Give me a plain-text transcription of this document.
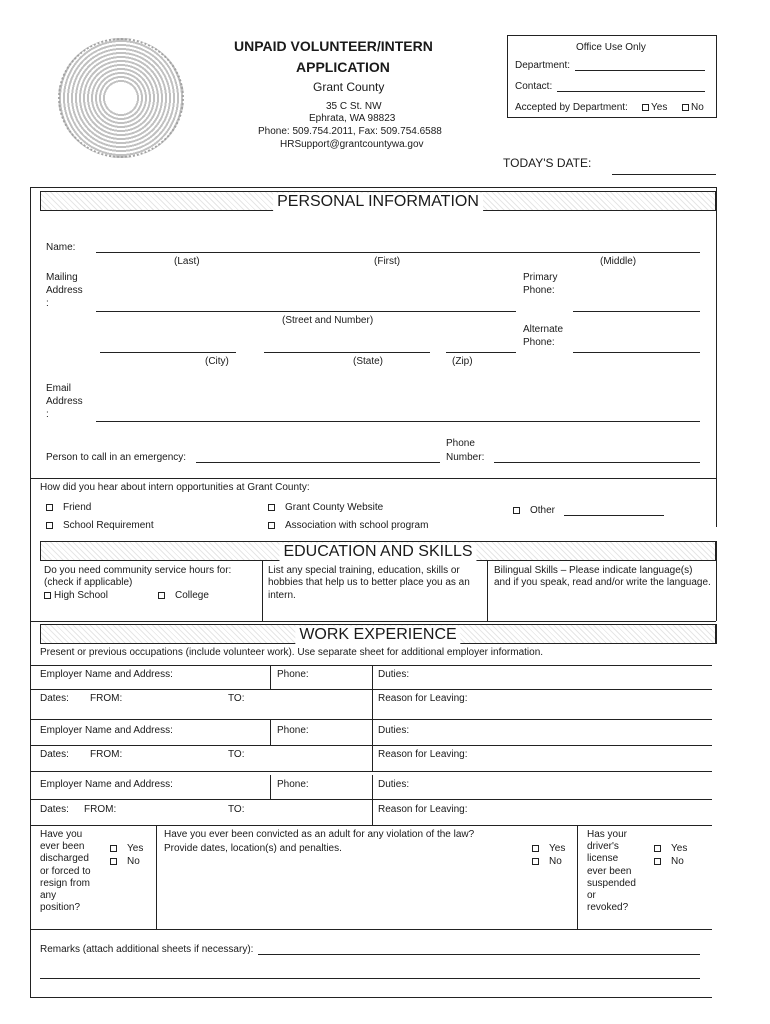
UNPAID VOLUNTEER/INTERN
APPLICATION
Grant County
35 C St. NW
Ephrata, WA 98823
Phone: 509.754.2011, Fax: 509.754.6588
HRSupport@grantcountywa.gov
Office Use Only
Department:
Contact:
Accepted by Department:	Yes	No
TODAY'S DATE:
PERSONAL INFORMATION
Name:
(Last)	(First)	(Middle)
Mailing
Address
:
(Street and Number)
Primary
Phone:
(City)	(State)	(Zip)
Alternate
Phone:
Email
Address
:
Person to call in an emergency:
Phone
Number:
How did you hear about intern opportunities at Grant County:
Friend
School Requirement
Grant County Website
Association with school program
Other
EDUCATION AND SKILLS
Do you need community service hours for:
(check if applicable)
High School	College
List any special training, education, skills or
hobbies that help us to better place you as an
intern.
Bilingual Skills – Please indicate language(s)
and if you speak, read and/or write the language.
WORK EXPERIENCE
Present or previous occupations (include volunteer work). Use separate sheet for additional employer information.
Employer Name and Address:	Phone:	Duties:
Dates: FROM:	TO:	Reason for Leaving:
Employer Name and Address:	Phone:	Duties:
Dates: FROM:	TO:	Reason for Leaving:
Employer Name and Address:	Phone:	Duties:
Dates: FROM:	TO:	Reason for Leaving:
Have you
ever been
discharged
or forced to
resign from
any
position?
Yes
No
Have you ever been convicted as an adult for any violation of the law?
Provide dates, location(s) and penalties.	Yes
No
Has your
driver's
license
ever been
suspended
or
revoked?
Yes
No
Remarks (attach additional sheets if necessary):
